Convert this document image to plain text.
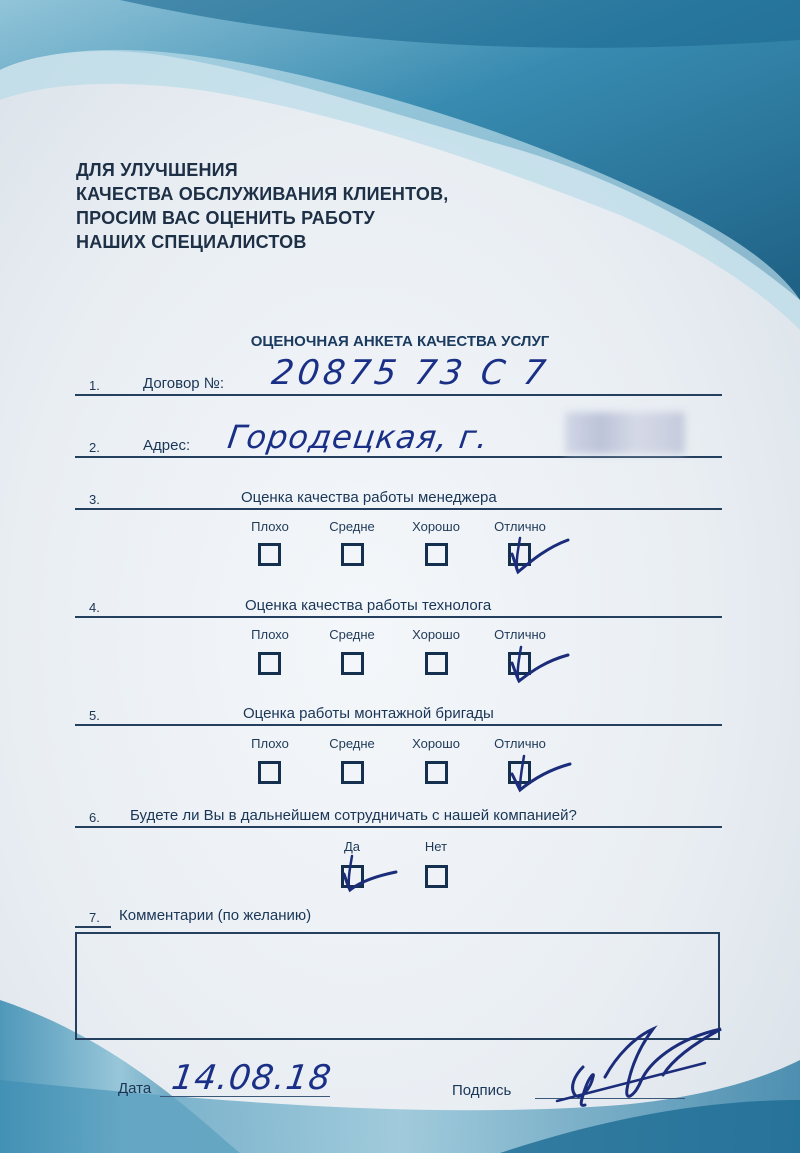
ДЛЯ УЛУЧШЕНИЯ
КАЧЕСТВА ОБСЛУЖИВАНИЯ КЛИЕНТОВ,
ПРОСИМ ВАС ОЦЕНИТЬ РАБОТУ
НАШИХ СПЕЦИАЛИСТОВ
ОЦЕНОЧНАЯ АНКЕТА КАЧЕСТВА УСЛУГ
1.	Договор №: 20875 73 С 7
2.	Адрес: Городецкая, г.
3.	Оценка качества работы менеджера
Плохо	Средне	Хорошо	Отлично
4.	Оценка качества работы технолога
Плохо	Средне	Хорошо	Отлично
5.	Оценка работы монтажной бригады
Плохо	Средне	Хорошо	Отлично
6. Будете ли Вы в дальнейшем сотрудничать с нашей компанией?
Да	Нет
7. Комментарии (по желанию)
Дата 14.08.18	Подпись
